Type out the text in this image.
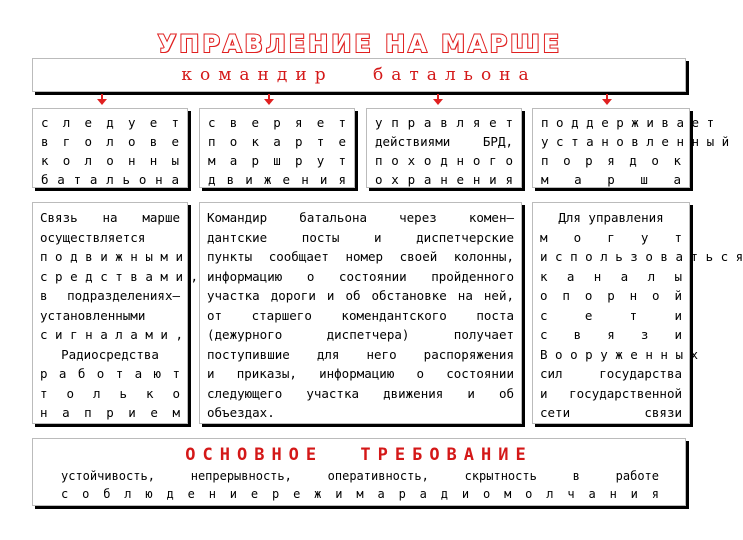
УПРАВЛЕНИЕ НА МАРШЕ
командир батальона
с л е д у е т
в г о л о в е
к о л о н н ы
б а т а л ь о н а
с в е р я е т
п о к а р т е
м а р ш р у т
д в и ж е н и я
у п р а в л я е т
действиями БРД,
п о х о д н о г о
о х р а н е н и я
п о д д е р ж и в а е т
у с т а н о в л е н н ы й
п о р я д о к
м а р ш а
Связь на марше
осуществляется
п о д в и ж н ы м и
с р е д с т в а м и ,
в подразделениях–
установленными
с и г н а л а м и ,
Радиосредства
р а б о т а ю т
т о л ь к о
н а п р и е м
Командир батальона через комен–
дантские посты и диспетчерские
пункты сообщает номер своей колонны,
информацию о состоянии пройденного
участка дороги и об обстановке на ней,
от старшего комендантского поста
(дежурного диспетчера) получает
поступившие для него распоряжения
и приказы, информацию о состоянии
следующего участка движения и об
объездах.
Для управления
м о г у т
и с п о л ь з о в а т ь с я
к а н а л ы
о п о р н о й
с е т и
с в я з и
В о о р у ж е н н ы х
сил государства
и государственной
сети связи
ОСНОВНОЕ ТРЕБОВАНИЕ
устойчивость, непрерывность, оперативность, скрытность в работе
с о б л ю д е н и е р е ж и м а р а д и о м о л ч а н и я
